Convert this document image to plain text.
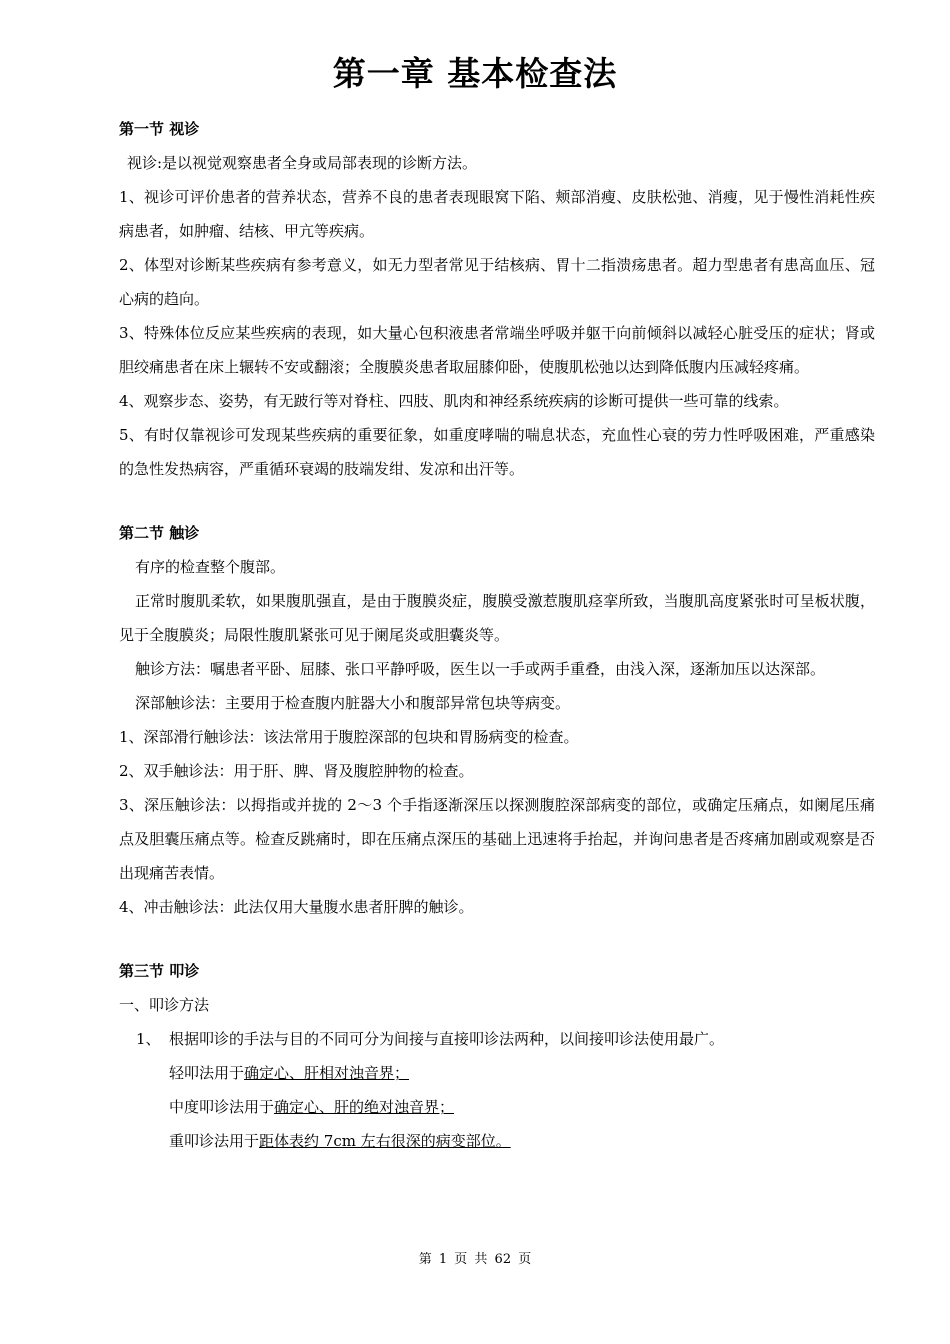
第一章 基本检查法
第一节 视诊

视诊:是以视觉观察患者全身或局部表现的诊断方法。

1、视诊可评价患者的营养状态，营养不良的患者表现眼窝下陷、颊部消瘦、皮肤松弛、消瘦，见于慢性消耗性疾病患者，如肿瘤、结核、甲亢等疾病。

2、体型对诊断某些疾病有参考意义，如无力型者常见于结核病、胃十二指溃疡患者。超力型患者有患高血压、冠心病的趋向。

3、特殊体位反应某些疾病的表现，如大量心包积液患者常端坐呼吸并躯干向前倾斜以减轻心脏受压的症状；肾或胆绞痛患者在床上辗转不安或翻滚；全腹膜炎患者取屈膝仰卧，使腹肌松弛以达到降低腹内压减轻疼痛。

4、观察步态、姿势，有无跛行等对脊柱、四肢、肌肉和神经系统疾病的诊断可提供一些可靠的线索。

5、有时仅靠视诊可发现某些疾病的重要征象，如重度哮喘的喘息状态，充血性心衰的劳力性呼吸困难，严重感染的急性发热病容，严重循环衰竭的肢端发绀、发凉和出汗等。

第二节 触诊

有序的检查整个腹部。

正常时腹肌柔软，如果腹肌强直，是由于腹膜炎症，腹膜受激惹腹肌痉挛所致，当腹肌高度紧张时可呈板状腹，见于全腹膜炎；局限性腹肌紧张可见于阑尾炎或胆囊炎等。

触诊方法：嘱患者平卧、屈膝、张口平静呼吸，医生以一手或两手重叠，由浅入深，逐渐加压以达深部。

深部触诊法：主要用于检查腹内脏器大小和腹部异常包块等病变。

1、深部滑行触诊法：该法常用于腹腔深部的包块和胃肠病变的检查。

2、双手触诊法：用于肝、脾、肾及腹腔肿物的检查。

3、深压触诊法：以拇指或并拢的 2～3 个手指逐渐深压以探测腹腔深部病变的部位，或确定压痛点，如阑尾压痛点及胆囊压痛点等。检查反跳痛时，即在压痛点深压的基础上迅速将手抬起，并询问患者是否疼痛加剧或观察是否出现痛苦表情。

4、冲击触诊法：此法仅用大量腹水患者肝脾的触诊。

第三节 叩诊

一、叩诊方法

1、 根据叩诊的手法与目的不同可分为间接与直接叩诊法两种，以间接叩诊法使用最广。
轻叩法用于确定心、肝相对浊音界；
中度叩诊法用于确定心、肝的绝对浊音界；
重叩诊法用于距体表约 7cm 左右很深的病变部位。
第 1 页 共 62 页
